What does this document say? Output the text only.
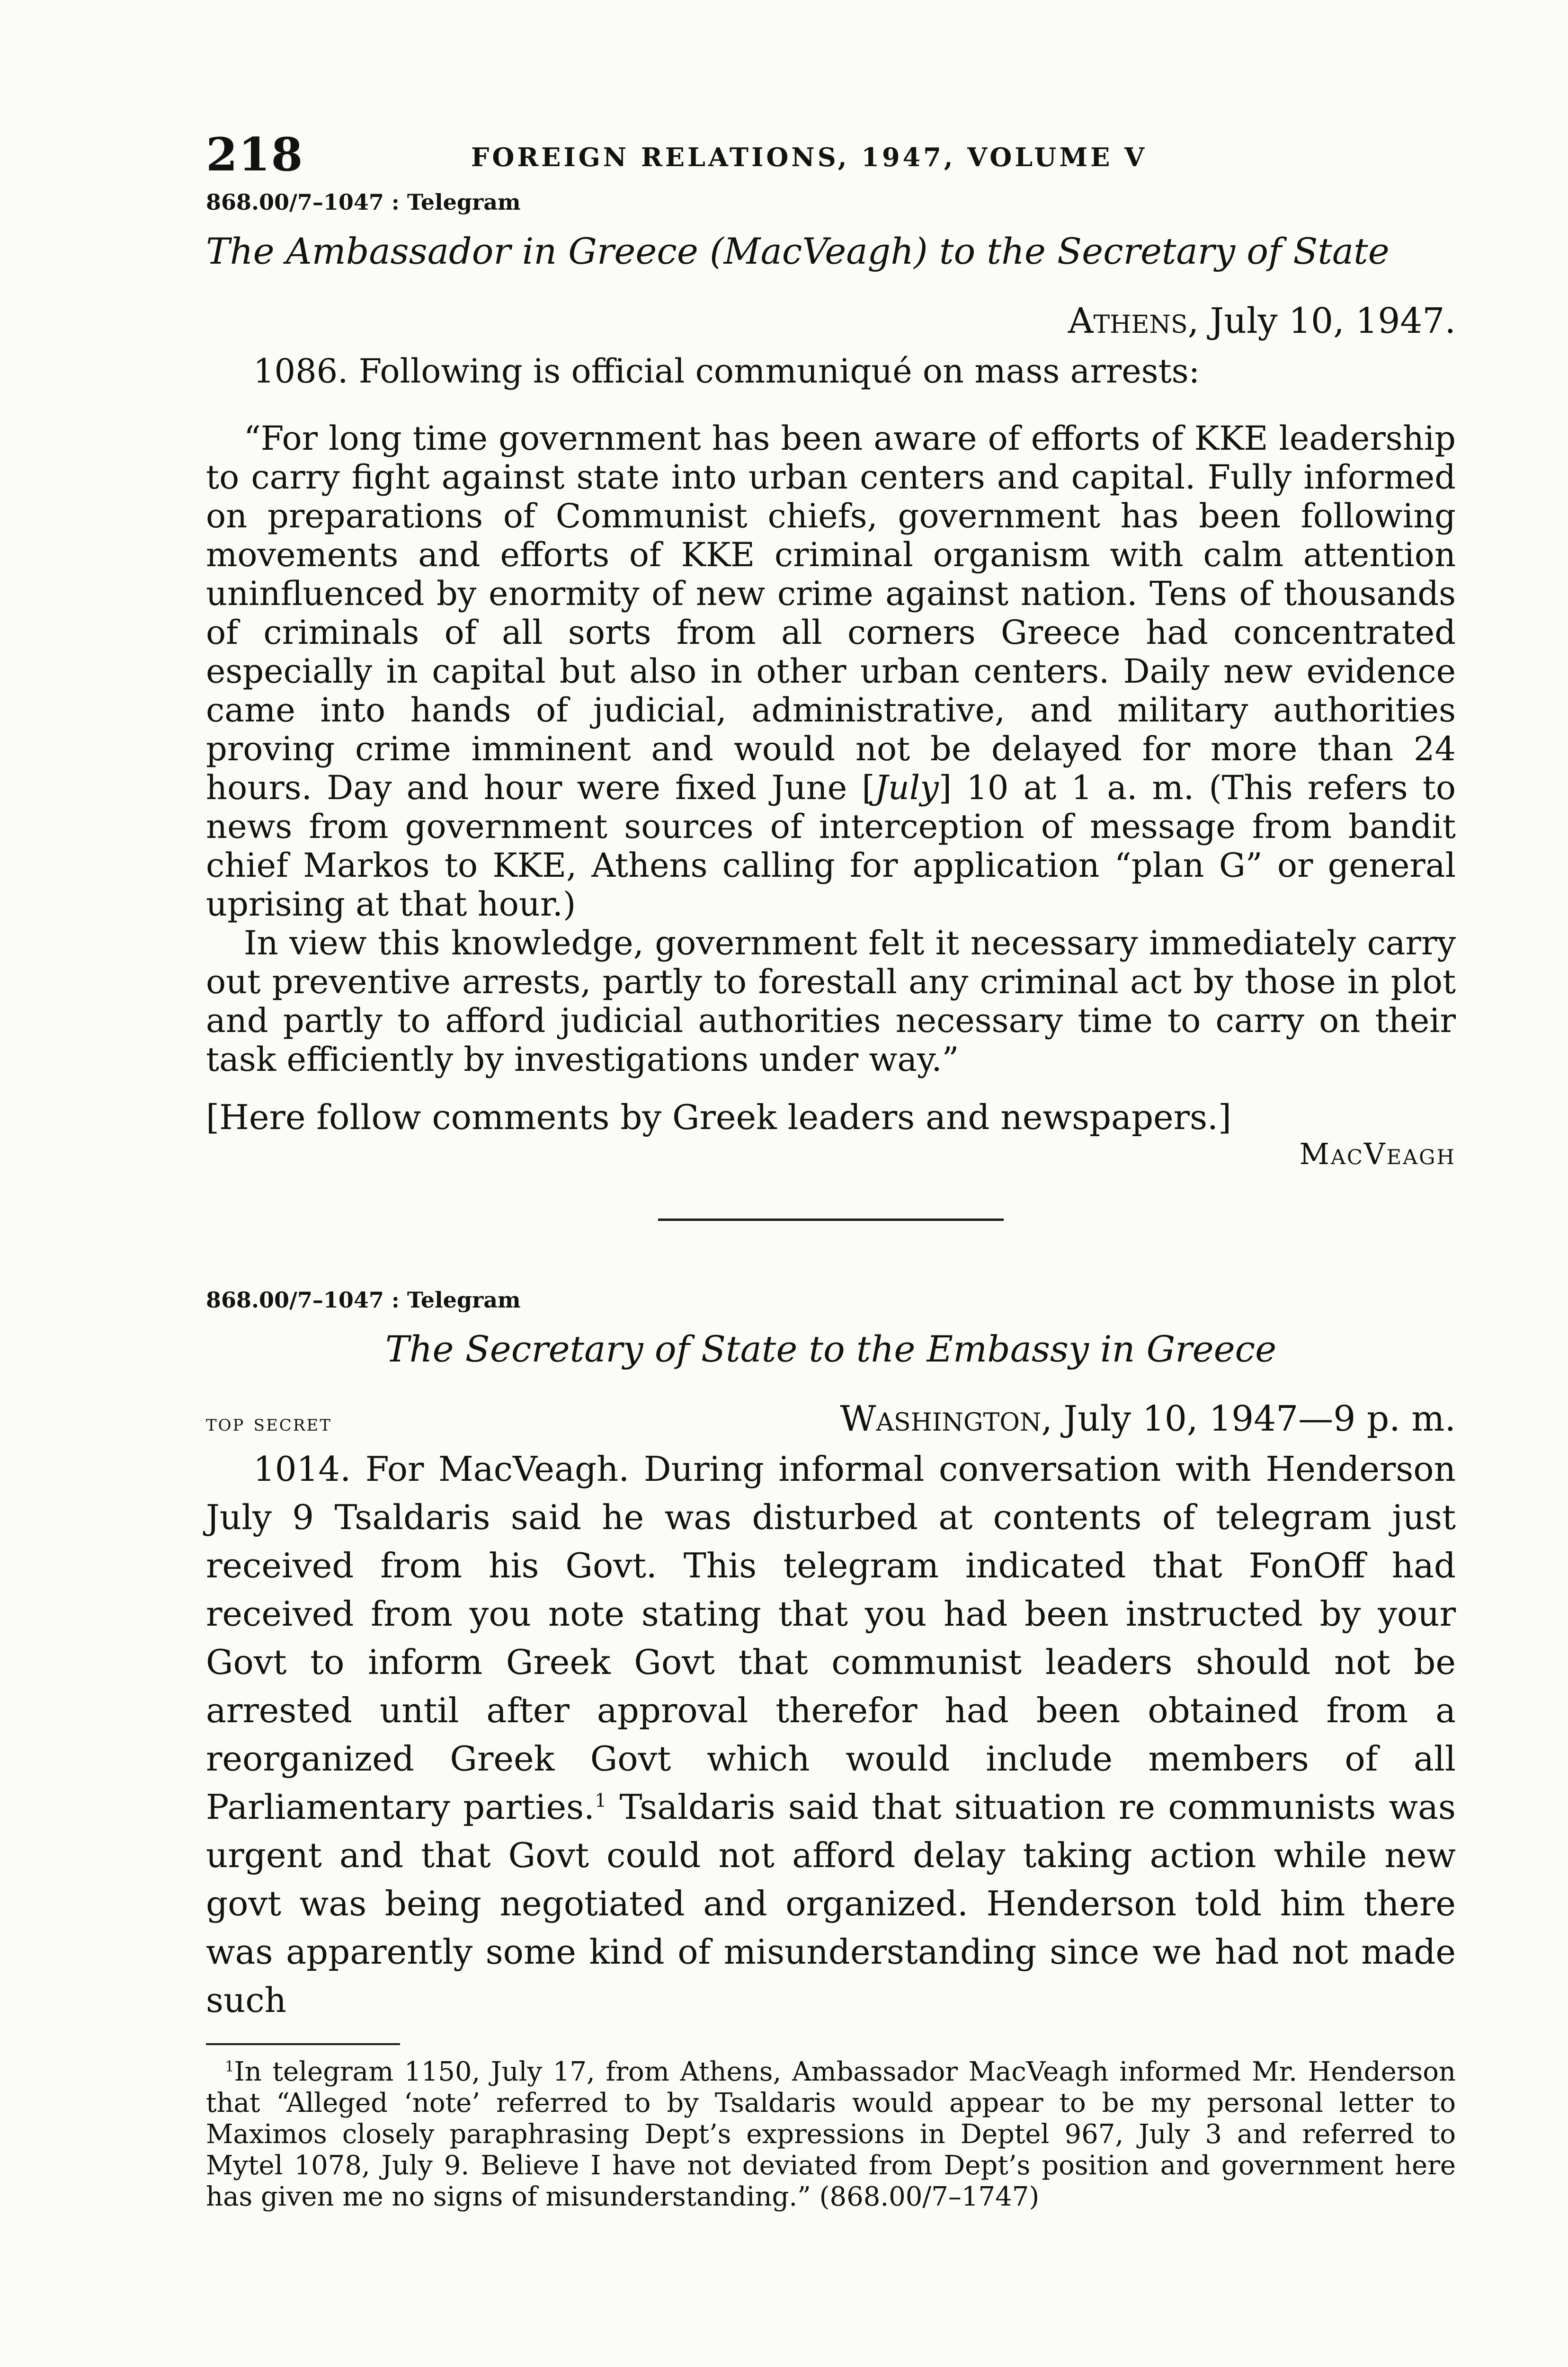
218	FOREIGN RELATIONS, 1947, VOLUME V
868.00/7–1047 : Telegram
The Ambassador in Greece (MacVeagh) to the Secretary of State
Athens, July 10, 1947.

1086. Following is official communiqué on mass arrests:

“For long time government has been aware of efforts of KKE leadership to carry fight against state into urban centers and capital. Fully informed on preparations of Communist chiefs, government has been following movements and efforts of KKE criminal organism with calm attention uninfluenced by enormity of new crime against nation. Tens of thousands of criminals of all sorts from all corners Greece had concentrated especially in capital but also in other urban centers. Daily new evidence came into hands of judicial, administrative, and military authorities proving crime imminent and would not be delayed for more than 24 hours. Day and hour were fixed June [July] 10 at 1 a. m. (This refers to news from government sources of interception of message from bandit chief Markos to KKE, Athens calling for application “plan G” or general uprising at that hour.)

In view this knowledge, government felt it necessary immediately carry out preventive arrests, partly to forestall any criminal act by those in plot and partly to afford judicial authorities necessary time to carry on their task efficiently by investigations under way.”

[Here follow comments by Greek leaders and newspapers.]

MacVeagh
868.00/7–1047 : Telegram
The Secretary of State to the Embassy in Greece
top secret	Washington, July 10, 1947—9 p. m.

1014. For MacVeagh. During informal conversation with Henderson July 9 Tsaldaris said he was disturbed at contents of telegram just received from his Govt. This telegram indicated that FonOff had received from you note stating that you had been instructed by your Govt to inform Greek Govt that communist leaders should not be arrested until after approval therefor had been obtained from a reorganized Greek Govt which would include members of all Parliamentary parties.$^1$ Tsaldaris said that situation re communists was urgent and that Govt could not afford delay taking action while new govt was being negotiated and organized. Henderson told him there was apparently some kind of misunderstanding since we had not made such

$^1$In telegram 1150, July 17, from Athens, Ambassador MacVeagh informed Mr. Henderson that “Alleged ‘note’ referred to by Tsaldaris would appear to be my personal letter to Maximos closely paraphrasing Dept’s expressions in Deptel 967, July 3 and referred to Mytel 1078, July 9. Believe I have not deviated from Dept’s position and government here has given me no signs of misunderstanding.” (868.00/7–1747)
